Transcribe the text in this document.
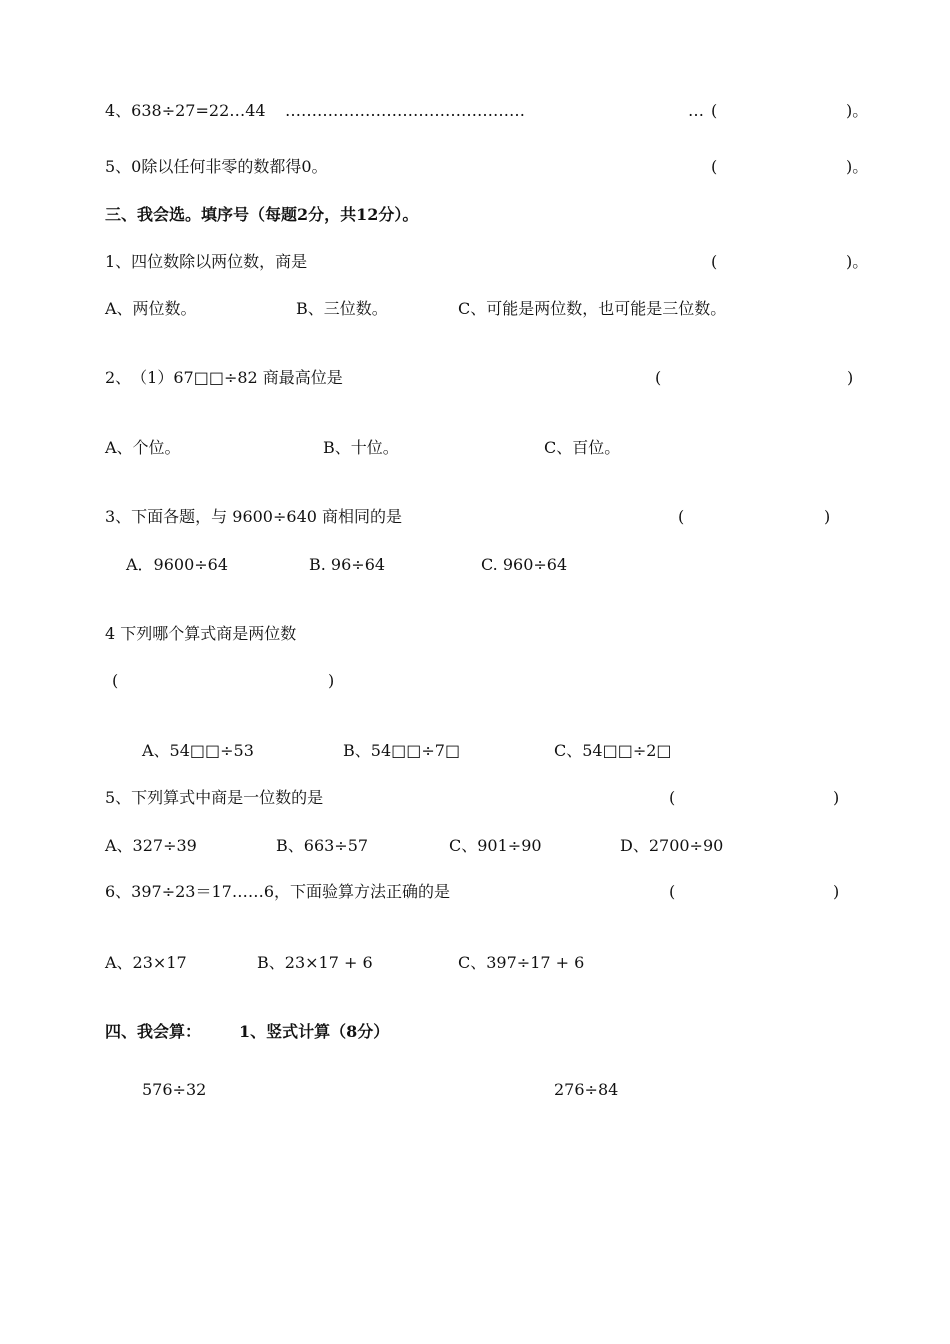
4、638÷27=22…44 ………………………………………	… (	)。
5、0除以任何非零的数都得0。	(	)。
三、我会选。填序号（每题2分，共12分）。
1、四位数除以两位数，商是	(	)。
A、两位数。	B、三位数。	C、可能是两位数，也可能是三位数。
2、　（1）67□□÷82 商最高位是	(	)
A、个位。	B、十位。	C、百位。
3、下面各题，与 9600÷640 商相同的是	(	)
A．9600÷64	B. 96÷64	C. 960÷64
4 下列哪个算式商是两位数
(	)
A、54□□÷53	B、54□□÷7□	C、54□□÷2□
5、下列算式中商是一位数的是	(	)
A、327÷39	B、663÷57	C、901÷90	D、2700÷90
6、397÷23＝17……6，下面验算方法正确的是	(	)
A、23×17	B、23×17 + 6	C、397÷17 + 6
四、我会算： 1、竖式计算（8分）
576÷32	276÷84
